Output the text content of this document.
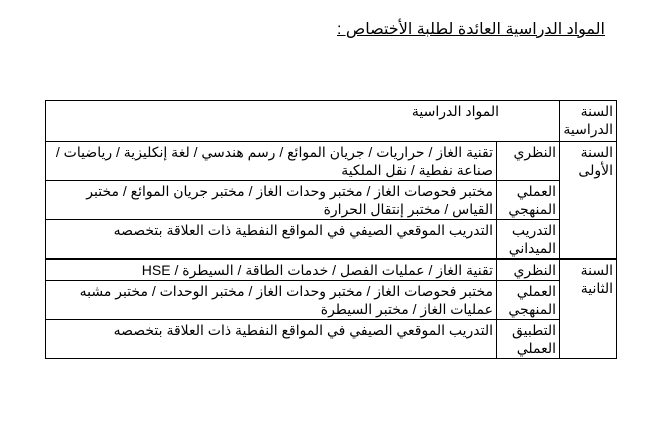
المواد الدراسية العائدة لطلبة الأختصاص :
السنة الدراسية	المواد الدراسية	
السنة الأولى	النظري	تقنية الغاز / حراريات / جريان الموائع / رسم هندسي / لغة إنكليزية / رياضيات / صناعة نفطية / نقل الملكية
	العملي المنهجي	مختبر فحوصات الغاز / مختبر وحدات الغاز / مختبر جريان الموائع / مختبر القياس / مختبر إنتقال الحرارة
	التدريب الميداني	التدريب الموقعي الصيفي في المواقع النفطية ذات العلاقة بتخصصه
السنة الثانية	النظري	تقنية الغاز / عمليات الفصل / خدمات الطاقة / السيطرة / HSE
	العملي المنهجي	مختبر فحوصات الغاز / مختبر وحدات الغاز / مختبر الوحدات / مختبر مشبه عمليات الغاز / مختبر السيطرة
	التطبيق العملي	التدريب الموقعي الصيفي في المواقع النفطية ذات العلاقة بتخصصه
